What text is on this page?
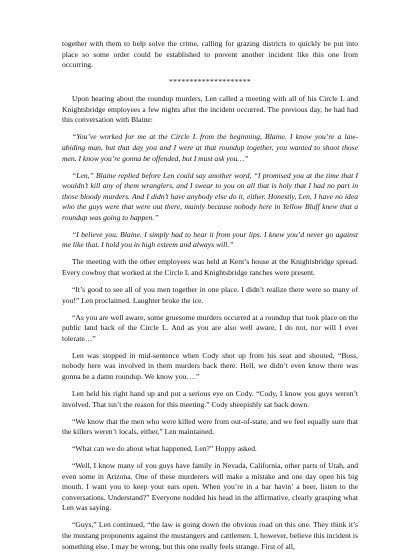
together with them to help solve the crime, calling for grazing districts to quickly be put into place so some order could be established to prevent another incident like this one from occurring.

********************

Upon hearing about the roundup murders, Len called a meeting with all of his Circle L and Knightsbridge employees a few nights after the incident occurred. The previous day, he had had this conversation with Blaine:

“You’ve worked for me at the Circle L from the beginning, Blaine. I know you’re a law-abiding man, but that day you and I were at that roundup together, you wanted to shoot those men. I know you’re gonna be offended, but I must ask you…”

“Len,” Blaine replied before Len could say another word, “I promised you at the time that I wouldn’t kill any of them wranglers, and I swear to you on all that is holy that I had no part in those bloody murders. And I didn’t have anybody else do it, either. Honestly, Len, I have no idea who the guys were that were out there, mainly because nobody here in Yellow Bluff knew that a roundup was going to happen.”

“I believe you, Blaine. I simply had to hear it from your lips. I knew you’d never go against me like that. I hold you in high esteem and always will.”

The meeting with the other employees was held at Kent’s house at the Knightsbridge spread. Every cowboy that worked at the Circle L and Knightsbridge ranches were present.

“It’s good to see all of you men together in one place. I didn’t realize there were so many of you!” Len proclaimed. Laughter broke the ice.

“As you are well aware, some gruesome murders occurred at a roundup that took place on the public land back of the Circle L. And as you are also well aware, I do not, nor will I ever tolerate…”

Len was stopped in mid-sentence when Cody shot up from his seat and shouted, “Boss, nobody here was involved in them murders back there. Hell, we didn’t even know there was gonna be a damn roundup. We know you….”

Len held his right hand up and put a serious eye on Cody. “Cody, I know you guys weren’t involved. That isn’t the reason for this meeting.” Cody sheepishly sat back down.

“We know that the men who were killed were from out-of-state, and we feel equally sure that the killers weren’t locals, either,” Len maintained.

“What can we do about what happened, Len?” Hoppy asked.

“Well, I know many of you guys have family in Nevada, California, other parts of Utah, and even some in Arizona. One of these murderers will make a mistake and one day open his big mouth. I want you to keep your ears open. When you’re in a bar havin’ a beer, listen to the conversations. Understand?” Everyone nodded his head in the affirmative, clearly grasping what Len was saying.

“Guys,” Len continued, “the law is going down the obvious road on this one. They think it’s the mustang proponents against the mustangers and cattlemen. I, however, believe this incident is something else. I may be wrong, but this one really feels strange. First of all,
